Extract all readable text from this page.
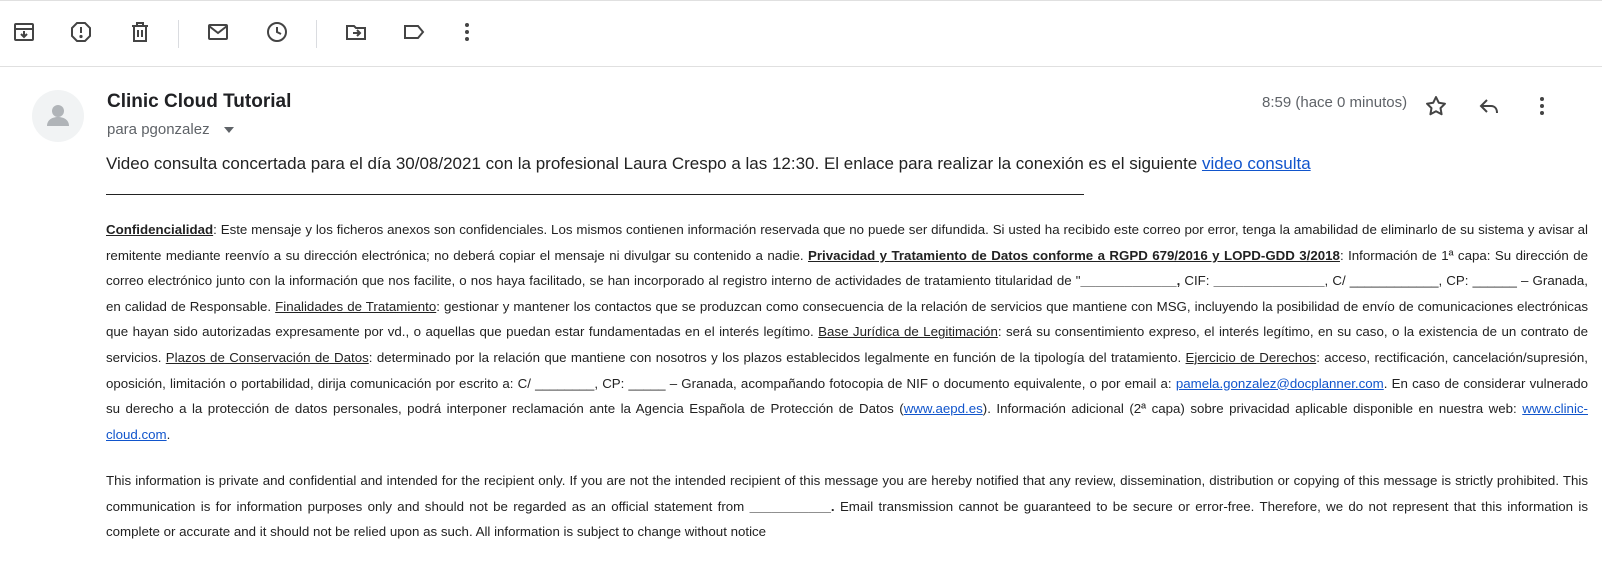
Clinic Cloud Tutorial
para pgonzalez
8:59 (hace 0 minutos)
Video consulta concertada para el día 30/08/2021 con la profesional Laura Crespo a las 12:30. El enlace para realizar la conexión es el siguiente video consulta
Confidencialidad: Este mensaje y los ficheros anexos son confidenciales. Los mismos contienen información reservada que no puede ser difundida. Si usted ha recibido este correo por error, tenga la amabilidad de eliminarlo de su sistema y avisar al remitente mediante reenvío a su dirección electrónica; no deberá copiar el mensaje ni divulgar su contenido a nadie. Privacidad y Tratamiento de Datos conforme a RGPD 679/2016 y LOPD-GDD 3/2018: Información de 1ª capa: Su dirección de correo electrónico junto con la información que nos facilite, o nos haya facilitado, se han incorporado al registro interno de actividades de tratamiento titularidad de "_____________, CIF: _______________, C/ ____________, CP: ______ – Granada, en calidad de Responsable. Finalidades de Tratamiento: gestionar y mantener los contactos que se produzcan como consecuencia de la relación de servicios que mantiene con MSG, incluyendo la posibilidad de envío de comunicaciones electrónicas que hayan sido autorizadas expresamente por vd., o aquellas que puedan estar fundamentadas en el interés legítimo. Base Jurídica de Legitimación: será su consentimiento expreso, el interés legítimo, en su caso, o la existencia de un contrato de servicios. Plazos de Conservación de Datos: determinado por la relación que mantiene con nosotros y los plazos establecidos legalmente en función de la tipología del tratamiento. Ejercicio de Derechos: acceso, rectificación, cancelación/supresión, oposición, limitación o portabilidad, dirija comunicación por escrito a: C/ ________, CP: _____ – Granada, acompañando fotocopia de NIF o documento equivalente, o por email a: pamela.gonzalez@docplanner.com. En caso de considerar vulnerado su derecho a la protección de datos personales, podrá interponer reclamación ante la Agencia Española de Protección de Datos (www.aepd.es). Información adicional (2ª capa) sobre privacidad aplicable disponible en nuestra web: www.clinic-cloud.com.
This information is private and confidential and intended for the recipient only. If you are not the intended recipient of this message you are hereby notified that any review, dissemination, distribution or copying of this message is strictly prohibited. This communication is for information purposes only and should not be regarded as an official statement from ___________. Email transmission cannot be guaranteed to be secure or error-free. Therefore, we do not represent that this information is complete or accurate and it should not be relied upon as such. All information is subject to change without notice
